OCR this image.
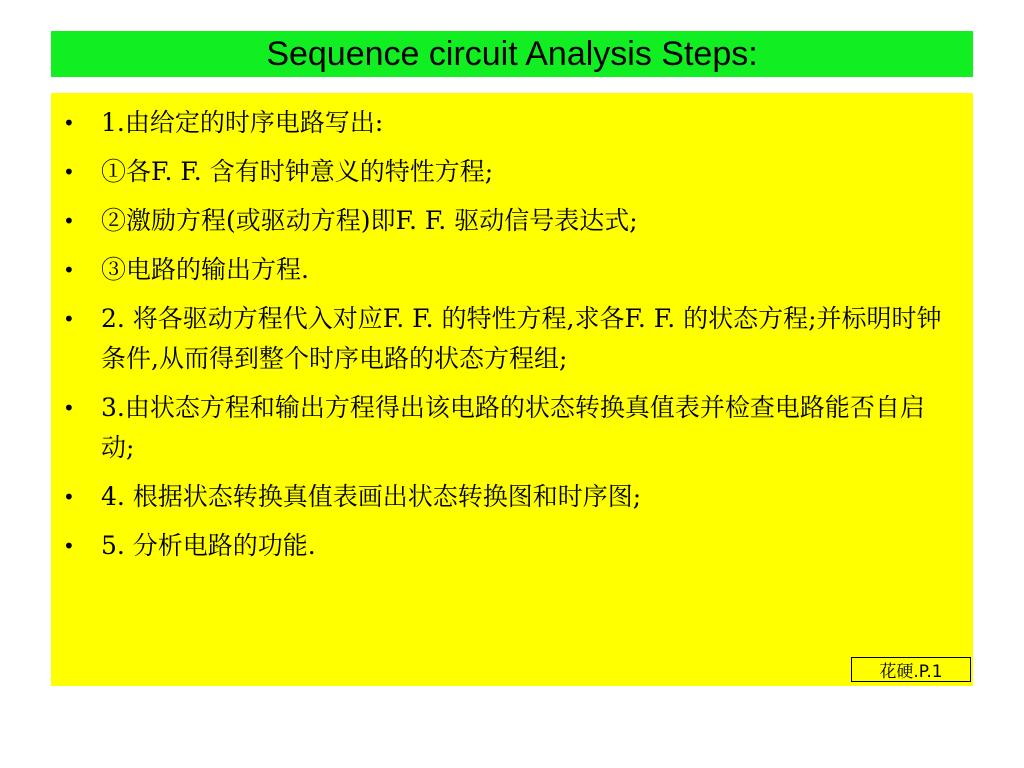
Sequence circuit Analysis Steps:
• 1.由给定的时序电路写出:
• ①各F. F. 含有时钟意义的特性方程;
• ②激励方程(或驱动方程)即F. F. 驱动信号表达式;
• ③电路的输出方程.
• 2. 将各驱动方程代入对应F. F. 的特性方程,求各F. F. 的状态方程;并标明时钟条件,从而得到整个时序电路的状态方程组;
• 3.由状态方程和输出方程得出该电路的状态转换真值表并检查电路能否自启动;
• 4. 根据状态转换真值表画出状态转换图和时序图;
• 5. 分析电路的功能.
花硬.P.1
